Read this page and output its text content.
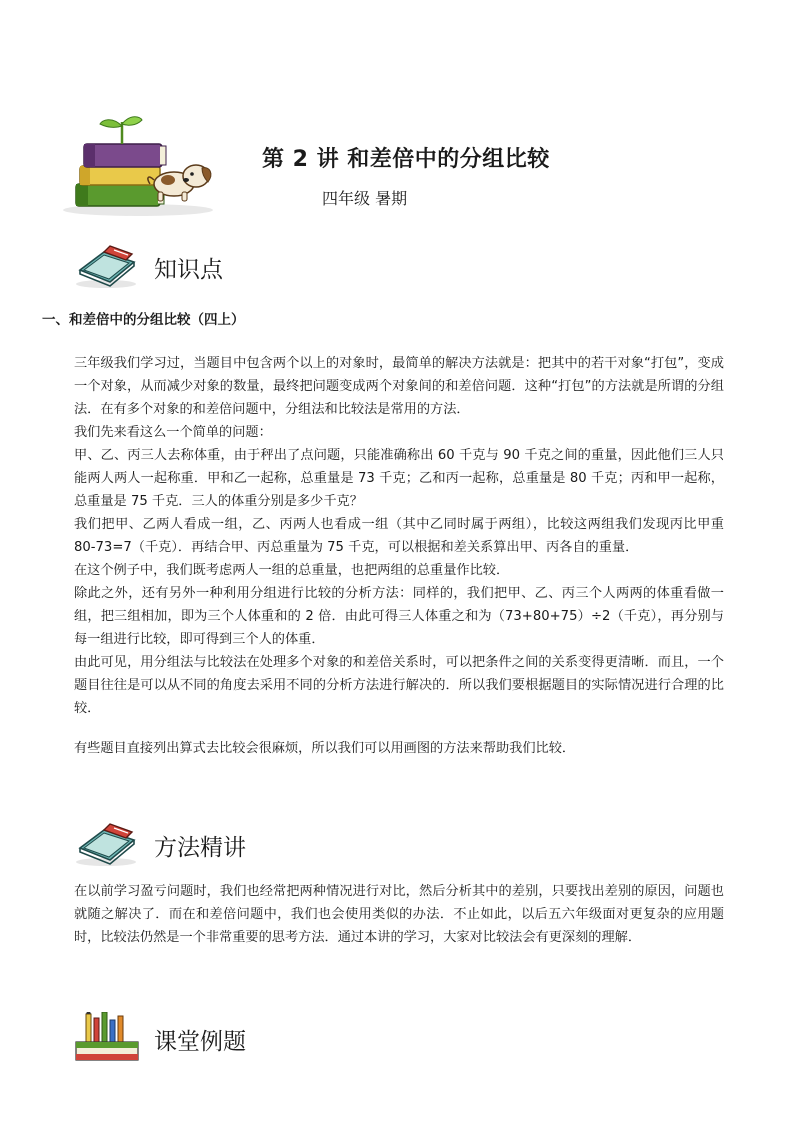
第 2 讲 和差倍中的分组比较
四年级 暑期
知识点
一、和差倍中的分组比较（四上）

三年级我们学习过，当题目中包含两个以上的对象时，最简单的解决方法就是：把其中的若干对象“打包”，变成一个对象，从而减少对象的数量，最终把问题变成两个对象间的和差倍问题．这种“打包”的方法就是所谓的分组法．在有多个对象的和差倍问题中，分组法和比较法是常用的方法．

我们先来看这么一个简单的问题：

甲、乙、丙三人去称体重，由于秤出了点问题，只能准确称出 60 千克与 90 千克之间的重量，因此他们三人只能两人两人一起称重．甲和乙一起称，总重量是 73 千克；乙和丙一起称，总重量是 80 千克；丙和甲一起称，总重量是 75 千克．三人的体重分别是多少千克？

我们把甲、乙两人看成一组，乙、丙两人也看成一组（其中乙同时属于两组），比较这两组我们发现丙比甲重 80-73=7（千克）．再结合甲、丙总重量为 75 千克，可以根据和差关系算出甲、丙各自的重量．

在这个例子中，我们既考虑两人一组的总重量，也把两组的总重量作比较．

除此之外，还有另外一种利用分组进行比较的分析方法：同样的，我们把甲、乙、丙三个人两两的体重看做一组，把三组相加，即为三个人体重和的 2 倍．由此可得三人体重之和为（73+80+75）÷2（千克），再分别与每一组进行比较，即可得到三个人的体重．

由此可见，用分组法与比较法在处理多个对象的和差倍关系时，可以把条件之间的关系变得更清晰．而且，一个题目往往是可以从不同的角度去采用不同的分析方法进行解决的．所以我们要根据题目的实际情况进行合理的比较．

有些题目直接列出算式去比较会很麻烦，所以我们可以用画图的方法来帮助我们比较．

方法精讲

在以前学习盈亏问题时，我们也经常把两种情况进行对比，然后分析其中的差别，只要找出差别的原因，问题也就随之解决了．而在和差倍问题中，我们也会使用类似的办法．不止如此，以后五六年级面对更复杂的应用题时，比较法仍然是一个非常重要的思考方法．通过本讲的学习，大家对比较法会有更深刻的理解．

课堂例题
